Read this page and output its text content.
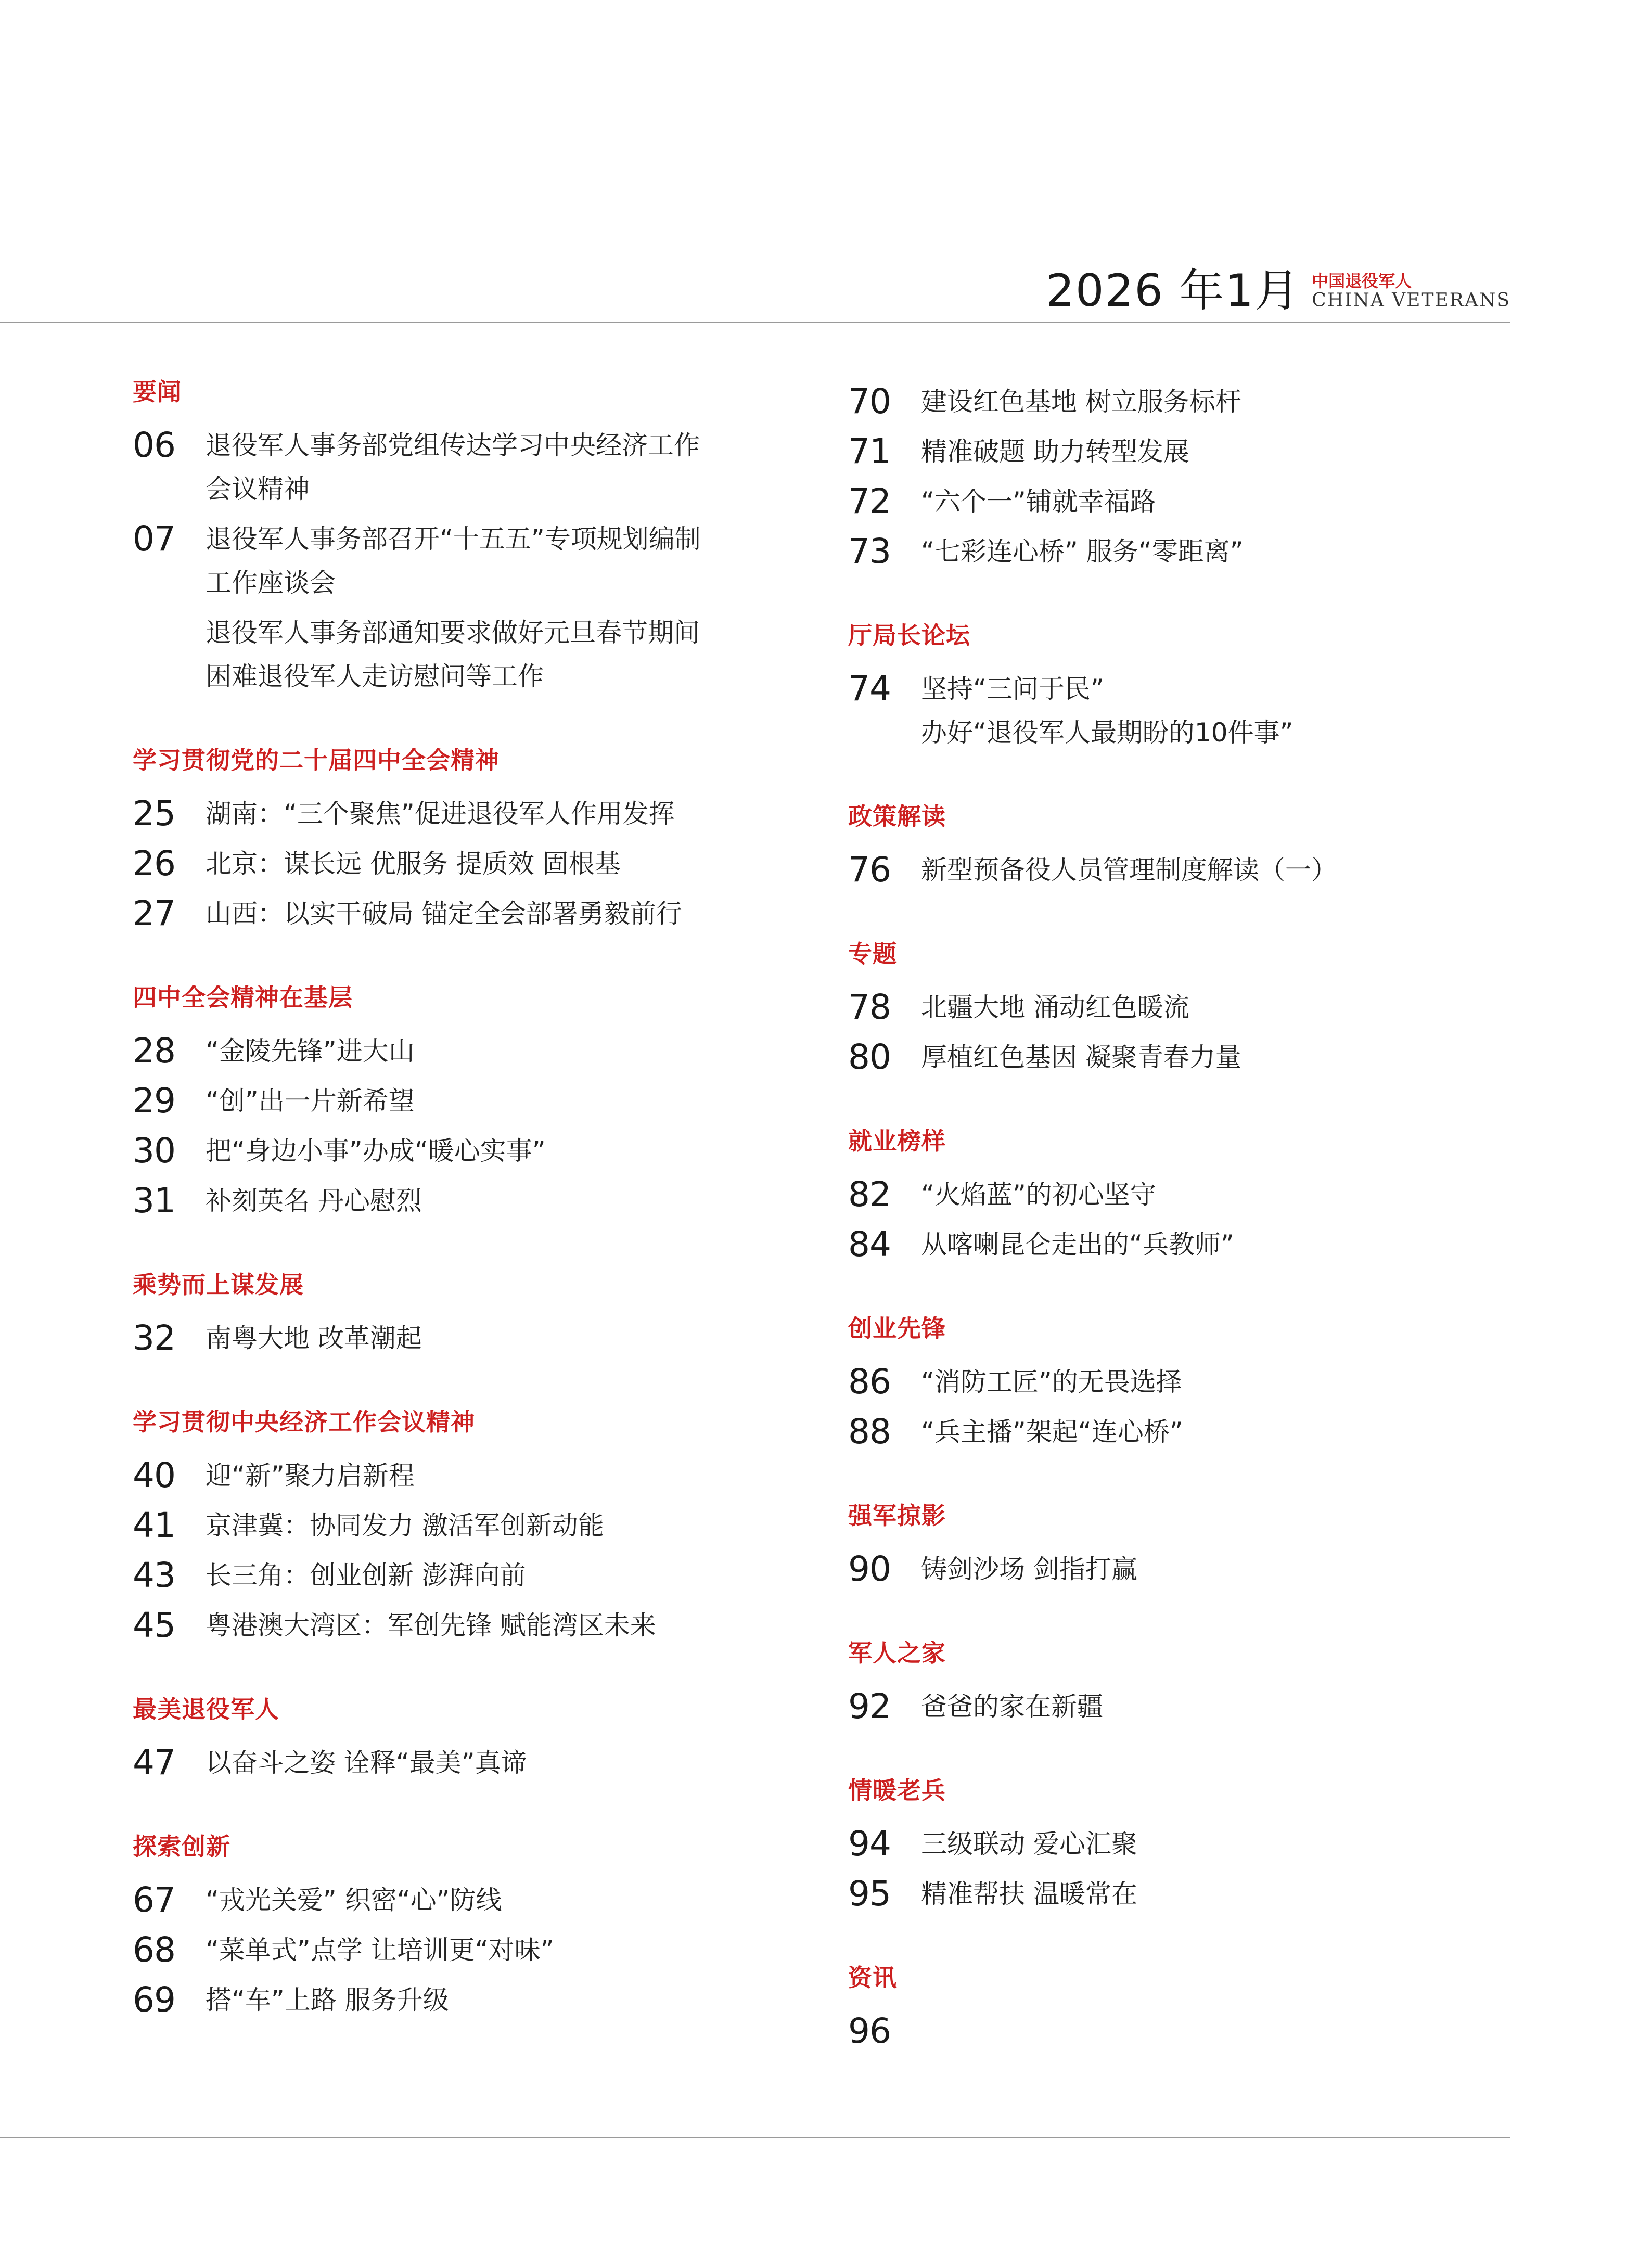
2026 年1月 中国退役军人
CHINA VETERANS
要闻
06	退役军人事务部党组传达学习中央经济工作
会议精神
07	退役军人事务部召开“十五五”专项规划编制
工作座谈会
退役军人事务部通知要求做好元旦春节期间
困难退役军人走访慰问等工作
学习贯彻党的二十届四中全会精神
25	湖南：“三个聚焦”促进退役军人作用发挥
26	北京：谋长远 优服务 提质效 固根基
27	山西：以实干破局 锚定全会部署勇毅前行
四中全会精神在基层
28	“金陵先锋”进大山
29	“创”出一片新希望
30	把“身边小事”办成“暖心实事”
31	补刻英名 丹心慰烈
乘势而上谋发展
32	南粤大地 改革潮起
学习贯彻中央经济工作会议精神
40	迎“新”聚力启新程
41	京津冀：协同发力 激活军创新动能
43	长三角：创业创新 澎湃向前
45	粤港澳大湾区：军创先锋 赋能湾区未来
最美退役军人
47	以奋斗之姿 诠释“最美”真谛
探索创新
67	“戎光关爱” 织密“心”防线
68	“菜单式”点学 让培训更“对味”
69	搭“车”上路 服务升级
70	建设红色基地 树立服务标杆
71	精准破题 助力转型发展
72	“六个一”铺就幸福路
73	“七彩连心桥” 服务“零距离”
厅局长论坛
74	坚持“三问于民”
办好“退役军人最期盼的10件事”
政策解读
76	新型预备役人员管理制度解读（一）
专题
78	北疆大地 涌动红色暖流
80	厚植红色基因 凝聚青春力量
就业榜样
82	“火焰蓝”的初心坚守
84	从喀喇昆仑走出的“兵教师”
创业先锋
86	“消防工匠”的无畏选择
88	“兵主播”架起“连心桥”
强军掠影
90	铸剑沙场 剑指打赢
军人之家
92	爸爸的家在新疆
情暖老兵
94	三级联动 爱心汇聚
95	精准帮扶 温暖常在
资讯
96
